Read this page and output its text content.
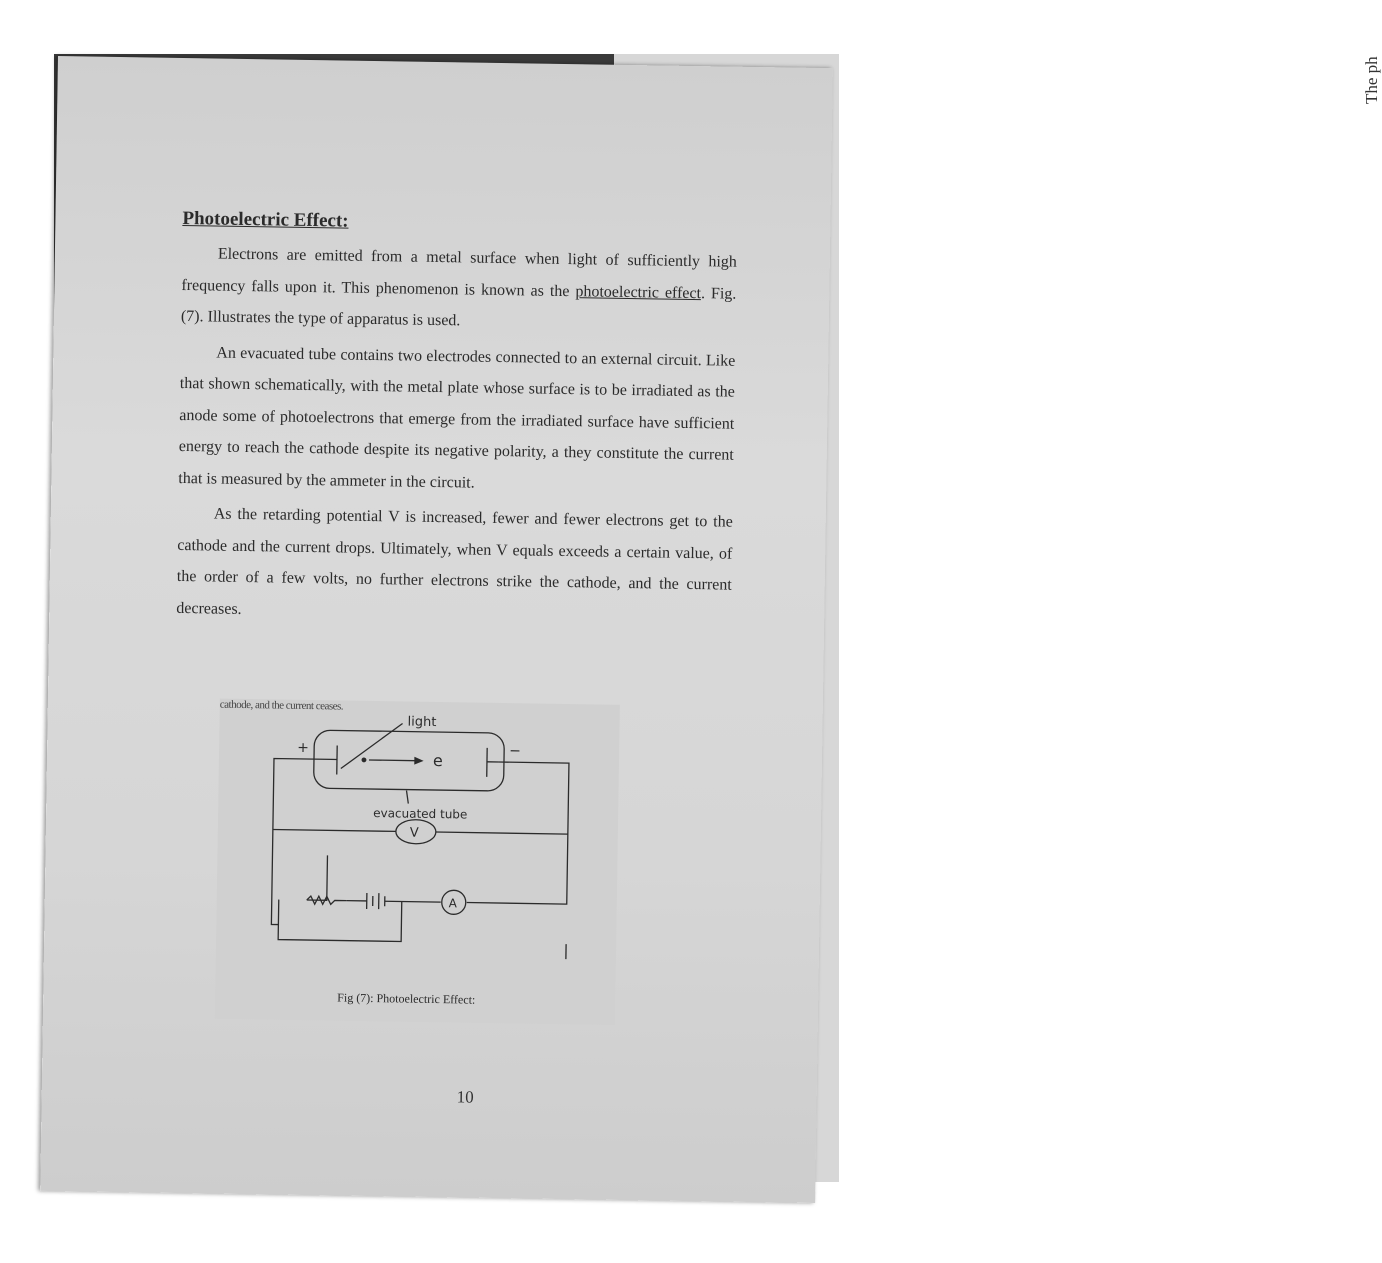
The ph
Photoelectric Effect:

Electrons are emitted from a metal surface when light of sufficiently high frequency falls upon it. This phenomenon is known as the photoelectric effect. Fig. (7). Illustrates the type of apparatus is used.

An evacuated tube contains two electrodes connected to an external circuit. Like that shown schematically, with the metal plate whose surface is to be irradiated as the anode some of photoelectrons that emerge from the irradiated surface have sufficient energy to reach the cathode despite its negative polarity, a they constitute the current that is measured by the ammeter in the circuit.

As the retarding potential V is increased, fewer and fewer electrons get to the cathode and the current drops. Ultimately, when V equals exceeds a certain value, of the order of a few volts, no further electrons strike the cathode, and the current decreases.

cathode, and the current ceases.
light
+	−
e
evacuated tube
V
A
Fig (7): Photoelectric Effect:
10
